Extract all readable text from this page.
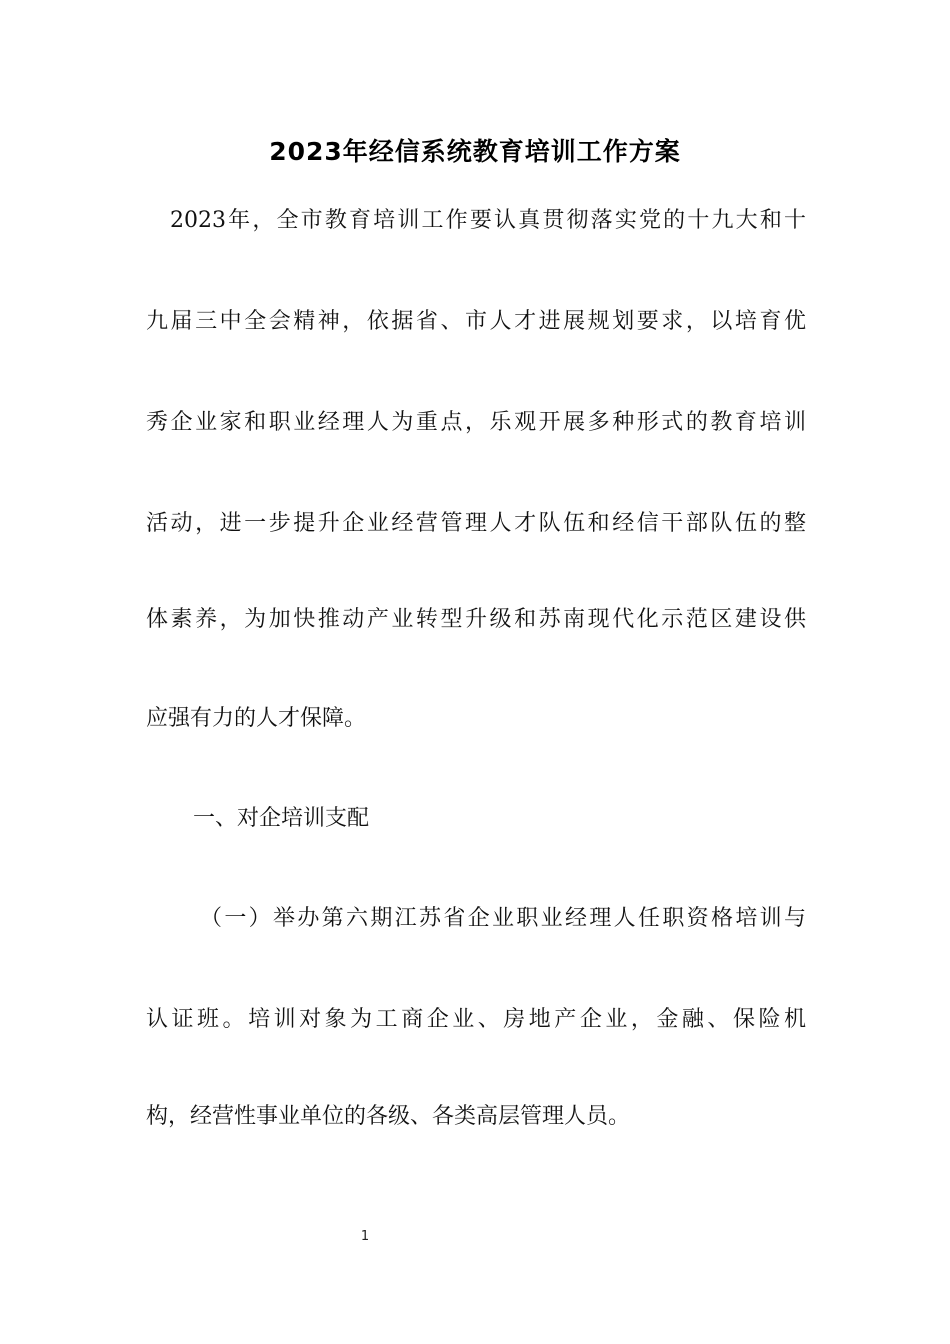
2023年经信系统教育培训工作方案
2023年，全市教育培训工作要认真贯彻落实党的十九大和十
九届三中全会精神，依据省、市人才进展规划要求，以培育优
秀企业家和职业经理人为重点，乐观开展多种形式的教育培训
活动，进一步提升企业经营管理人才队伍和经信干部队伍的整
体素养，为加快推动产业转型升级和苏南现代化示范区建设供
应强有力的人才保障。
一、对企培训支配
（一）举办第六期江苏省企业职业经理人任职资格培训与
认证班。培训对象为工商企业、房地产企业，金融、保险机
构，经营性事业单位的各级、各类高层管理人员。
1
